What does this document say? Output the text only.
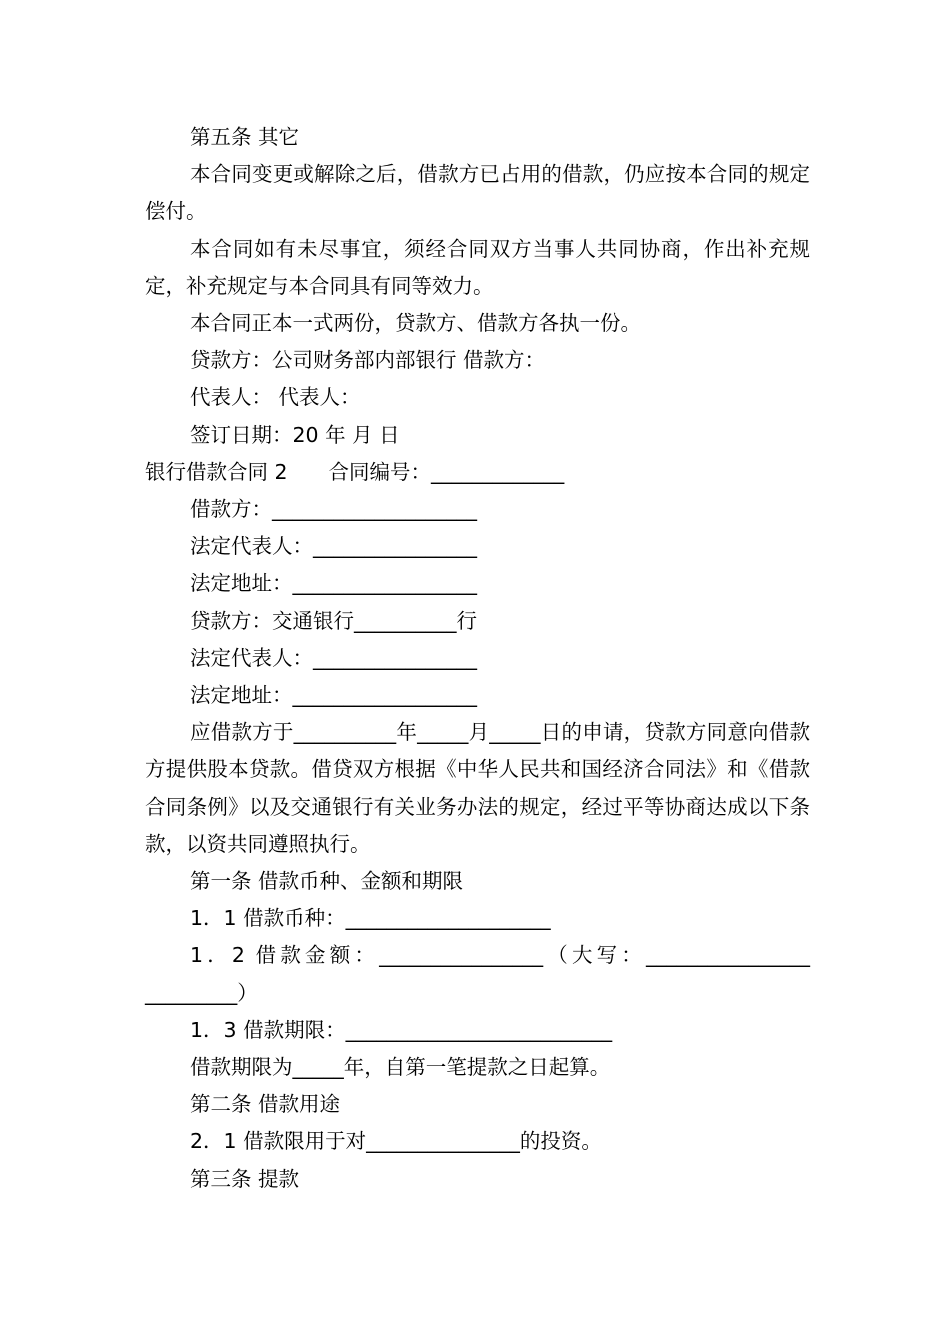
第五条 其它

本合同变更或解除之后，借款方已占用的借款，仍应按本合同的规定偿付。

本合同如有未尽事宜，须经合同双方当事人共同协商，作出补充规定，补充规定与本合同具有同等效力。

本合同正本一式两份，贷款方、借款方各执一份。

贷款方：公司财务部内部银行 借款方：

代表人： 代表人：

签订日期：20 年 月 日

银行借款合同 2　　合同编号：_____________

借款方：____________________

法定代表人：________________

法定地址：__________________

贷款方：交通银行__________行

法定代表人：________________

法定地址：__________________

应借款方于__________年_____月_____日的申请，贷款方同意向借款方提供股本贷款。借贷双方根据《中华人民共和国经济合同法》和《借款合同条例》以及交通银行有关业务办法的规定，经过平等协商达成以下条款，以资共同遵照执行。

第一条 借款币种、金额和期限

1．1 借款币种：____________________

1．2 借款金额：________________（大写：________________ _________）

1．3 借款期限：__________________________

借款期限为_____年，自第一笔提款之日起算。

第二条 借款用途

2．1 借款限用于对_______________的投资。

第三条 提款
